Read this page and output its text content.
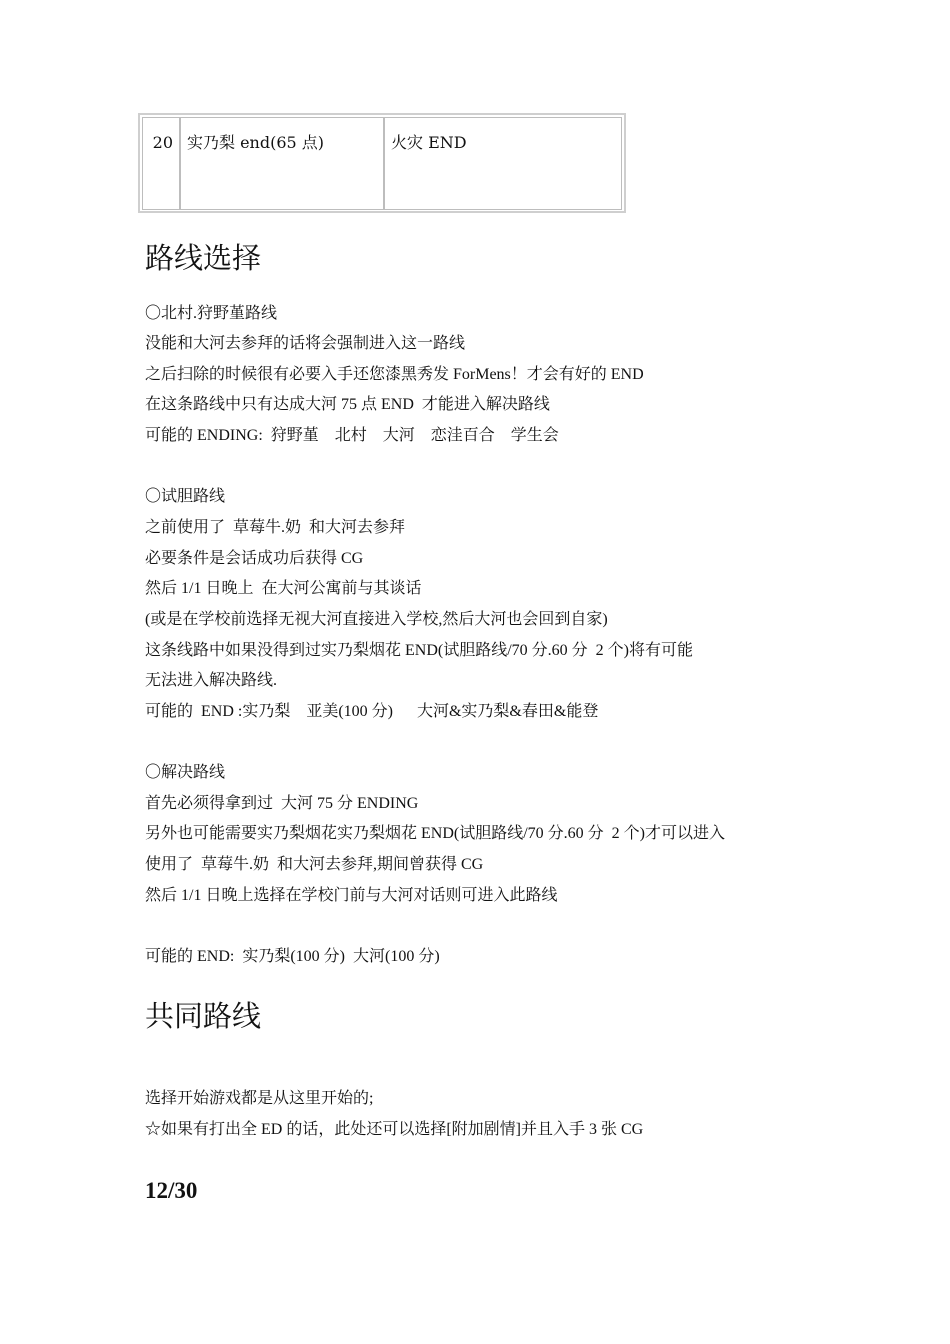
20 实乃梨 end(65 点)	火灾 END
路线选择
〇北村.狩野堇路线
没能和大河去参拜的话将会强制进入这一路线
之后扫除的时候很有必要入手还您漆黑秀发 ForMens！才会有好的 END
在这条路线中只有达成大河 75 点 END  才能进入解决路线
可能的 ENDING:  狩野堇    北村    大河    恋洼百合    学生会
〇试胆路线
之前使用了  草莓牛.奶  和大河去参拜
必要条件是会话成功后获得 CG
然后 1/1 日晚上  在大河公寓前与其谈话
(或是在学校前选择无视大河直接进入学校,然后大河也会回到自家)
这条线路中如果没得到过实乃梨烟花 END(试胆路线/70 分.60 分  2 个)将有可能
无法进入解决路线.
可能的  END :实乃梨    亚美(100 分)      大河&实乃梨&春田&能登
〇解决路线
首先必须得拿到过  大河 75 分 ENDING
另外也可能需要实乃梨烟花实乃梨烟花 END(试胆路线/70 分.60 分  2 个)才可以进入
使用了  草莓牛.奶  和大河去参拜,期间曾获得 CG
然后 1/1 日晚上选择在学校门前与大河对话则可进入此路线
可能的 END:  实乃梨(100 分)  大河(100 分)
共同路线
选择开始游戏都是从这里开始的;
☆如果有打出全 ED 的话，此处还可以选择[附加剧情]并且入手 3 张 CG
12/30
